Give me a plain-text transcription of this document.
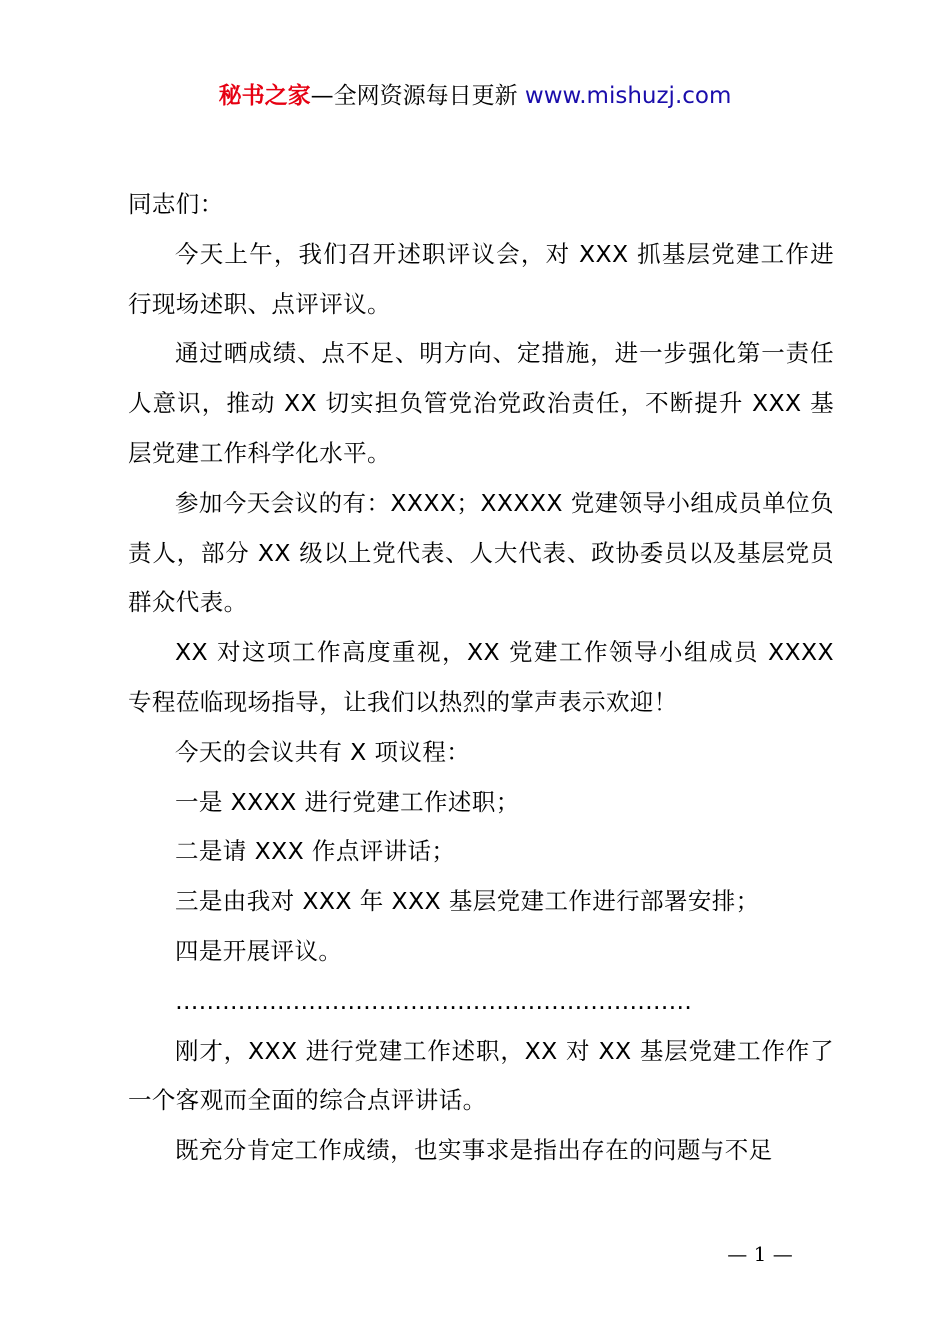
秘书之家—全网资源每日更新 www.mishuzj.com

同志们：

今天上午，我们召开述职评议会，对 XXX 抓基层党建工作进行现场述职、点评评议。

通过晒成绩、点不足、明方向、定措施，进一步强化第一责任人意识，推动 XX 切实担负管党治党政治责任，不断提升 XXX 基层党建工作科学化水平。

参加今天会议的有：XXXX；XXXXX 党建领导小组成员单位负责人，部分 XX 级以上党代表、人大代表、政协委员以及基层党员群众代表。

XX 对这项工作高度重视，XX 党建工作领导小组成员 XXXX 专程莅临现场指导，让我们以热烈的掌声表示欢迎！

今天的会议共有 X 项议程：

一是 XXXX 进行党建工作述职；

二是请 XXX 作点评讲话；

三是由我对 XXX 年 XXX 基层党建工作进行部署安排；

四是开展评议。

…………………………………………………………

刚才，XXX 进行党建工作述职，XX 对 XX 基层党建工作作了一个客观而全面的综合点评讲话。

既充分肯定工作成绩，也实事求是指出存在的问题与不足

— 1 —
